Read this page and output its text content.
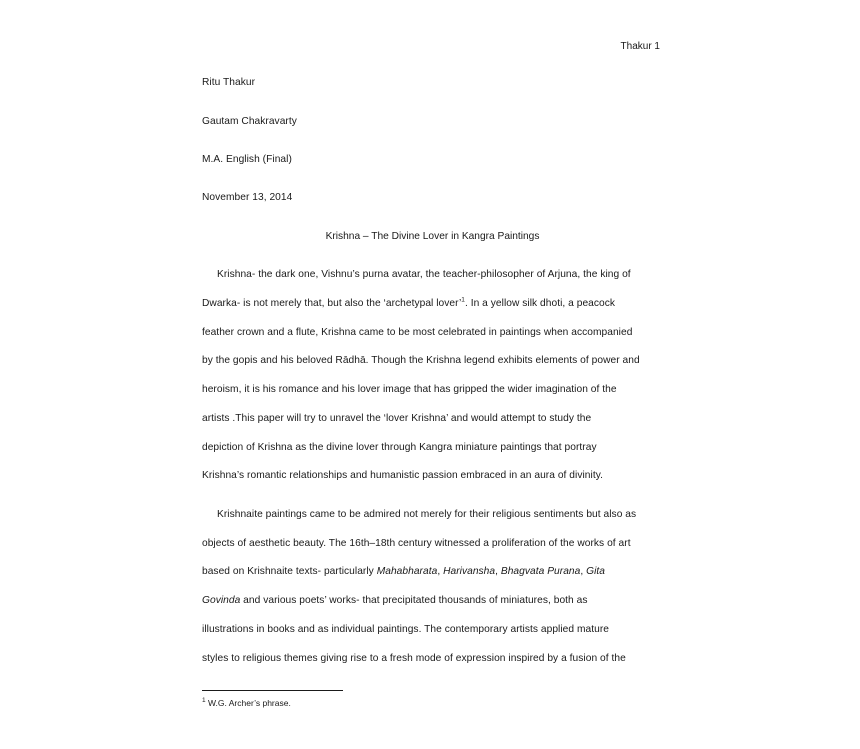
Thakur 1
Ritu Thakur
Gautam Chakravarty
M.A. English (Final)
November 13, 2014
Krishna – The Divine Lover in Kangra Paintings
Krishna- the dark one, Vishnu’s purna avatar, the teacher-philosopher of Arjuna, the king of
Dwarka- is not merely that, but also the ‘archetypal lover’$^1$. In a yellow silk dhoti, a peacock
feather crown and a flute, Krishna came to be most celebrated in paintings when accompanied
by the gopis and his beloved Rādhā. Though the Krishna legend exhibits elements of power and
heroism, it is his romance and his lover image that has gripped the wider imagination of the
artists .This paper will try to unravel the ‘lover Krishna’ and would attempt to study the
depiction of Krishna as the divine lover through Kangra miniature paintings that portray
Krishna’s romantic relationships and humanistic passion embraced in an aura of divinity.
Krishnaite paintings came to be admired not merely for their religious sentiments but also as
objects of aesthetic beauty. The 16th–18th century witnessed a proliferation of the works of art
based on Krishnaite texts- particularly Mahabharata, Harivansha, Bhagvata Purana, Gita
Govinda and various poets’ works- that precipitated thousands of miniatures, both as
illustrations in books and as individual paintings. The contemporary artists applied mature
styles to religious themes giving rise to a fresh mode of expression inspired by a fusion of the
$^1$ W.G. Archer’s phrase.
